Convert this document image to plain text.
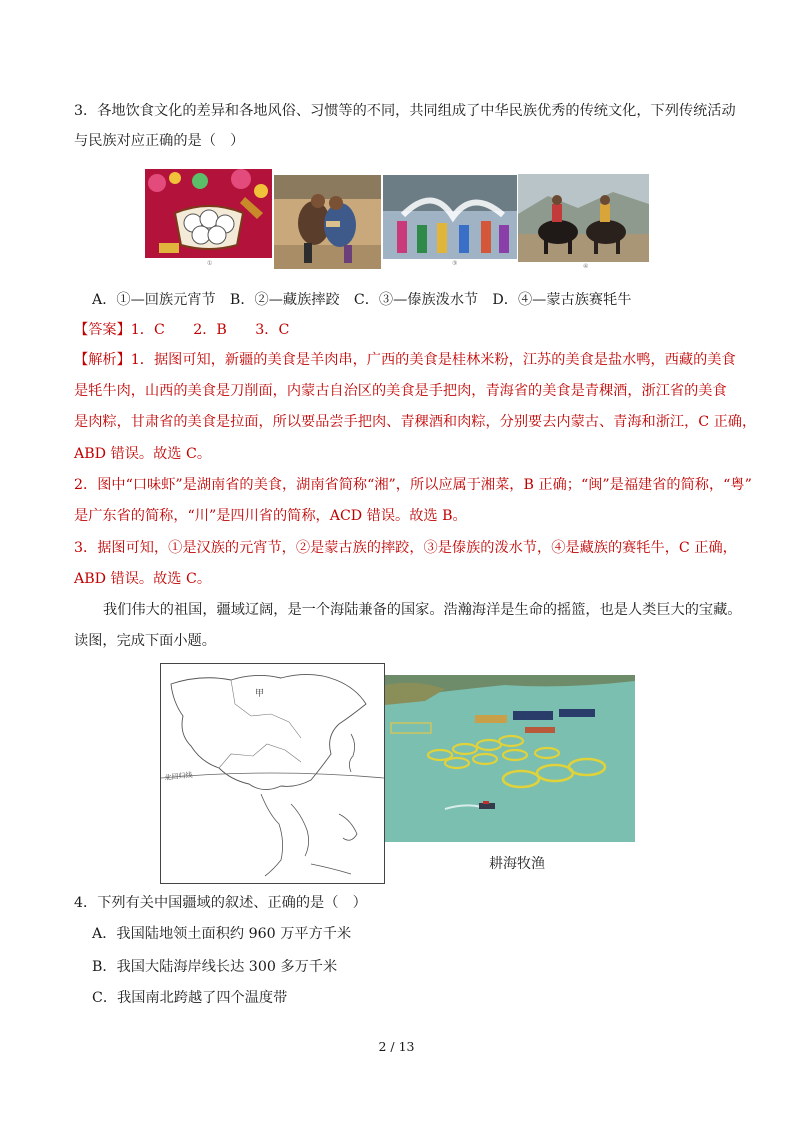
3．各地饮食文化的差异和各地风俗、习惯等的不同，共同组成了中华民族优秀的传统文化，下列传统活动
与民族对应正确的是（　）
①	③	④
A．①—回族元宵节　B．②—藏族摔跤　C．③—傣族泼水节　D．④—蒙古族赛牦牛
【答案】1．C　　2．B　　3．C
【解析】1．据图可知，新疆的美食是羊肉串，广西的美食是桂林米粉，江苏的美食是盐水鸭，西藏的美食
是牦牛肉，山西的美食是刀削面，内蒙古自治区的美食是手把肉，青海省的美食是青稞酒，浙江省的美食
是肉粽，甘肃省的美食是拉面，所以要品尝手把肉、青稞酒和肉粽，分别要去内蒙古、青海和浙江，C 正确，
ABD 错误。故选 C。
2．图中“口味虾”是湖南省的美食，湖南省简称“湘”，所以应属于湘菜，B 正确；“闽”是福建省的简称，“粤”
是广东省的简称，“川”是四川省的简称，ACD 错误。故选 B。
3．据图可知，①是汉族的元宵节，②是蒙古族的摔跤，③是傣族的泼水节，④是藏族的赛牦牛，C 正确，
ABD 错误。故选 C。
我们伟大的祖国，疆域辽阔，是一个海陆兼备的国家。浩瀚海洋是生命的摇篮，也是人类巨大的宝藏。
读图，完成下面小题。
甲
北回归线
耕海牧渔
4．下列有关中国疆域的叙述、正确的是（　）
A．我国陆地领土面积约 960 万平方千米
B．我国大陆海岸线长达 300 多万千米
C．我国南北跨越了四个温度带
2 / 13
